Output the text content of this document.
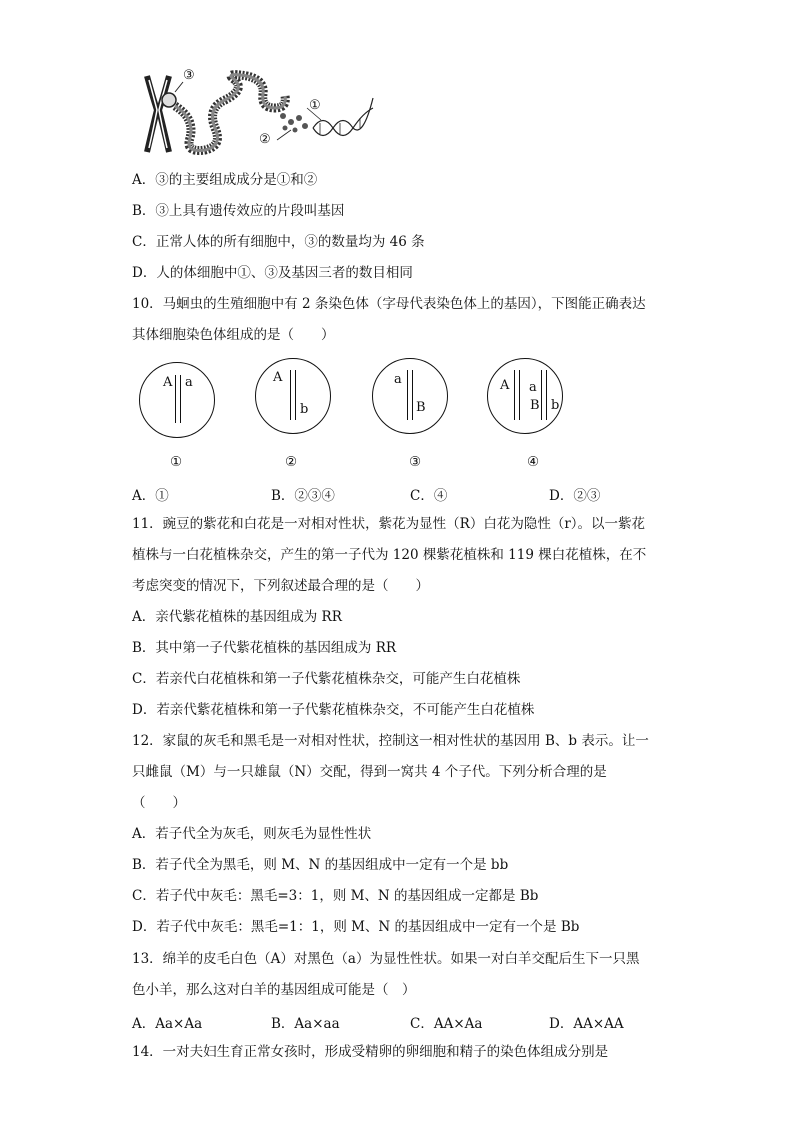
③
①
②
A．③的主要组成成分是①和②
B．③上具有遗传效应的片段叫基因
C．正常人体的所有细胞中，③的数量均为 46 条
D．人的体细胞中①、③及基因三者的数目相同
10．马蛔虫的生殖细胞中有 2 条染色体（字母代表染色体上的基因），下图能正确表达
其体细胞染色体组成的是（　　）
A a
①
A
b
②
a
B
③
A a
B b
④
A．①	B．②③④	C．④	D．②③
11．豌豆的紫花和白花是一对相对性状，紫花为显性（R）白花为隐性（r）。以一紫花
植株与一白花植株杂交，产生的第一子代为 120 棵紫花植株和 119 棵白花植株，在不
考虑突变的情况下，下列叙述最合理的是（　　）
A．亲代紫花植株的基因组成为 RR
B．其中第一子代紫花植株的基因组成为 RR
C．若亲代白花植株和第一子代紫花植株杂交，可能产生白花植株
D．若亲代紫花植株和第一子代紫花植株杂交，不可能产生白花植株
12．家鼠的灰毛和黑毛是一对相对性状，控制这一相对性状的基因用 B、b 表示。让一
只雌鼠（M）与一只雄鼠（N）交配，得到一窝共 4 个子代。下列分析合理的是
（　　）
A．若子代全为灰毛，则灰毛为显性性状
B．若子代全为黑毛，则 M、N 的基因组成中一定有一个是 bb
C．若子代中灰毛：黑毛=3：1，则 M、N 的基因组成一定都是 Bb
D．若子代中灰毛：黑毛=1：1，则 M、N 的基因组成中一定有一个是 Bb
13．绵羊的皮毛白色（A）对黑色（a）为显性性状。如果一对白羊交配后生下一只黑
色小羊，那么这对白羊的基因组成可能是（　）
A．Aa×Aa	B．Aa×aa	C．AA×Aa	D．AA×AA
14．一对夫妇生育正常女孩时，形成受精卵的卵细胞和精子的染色体组成分别是
